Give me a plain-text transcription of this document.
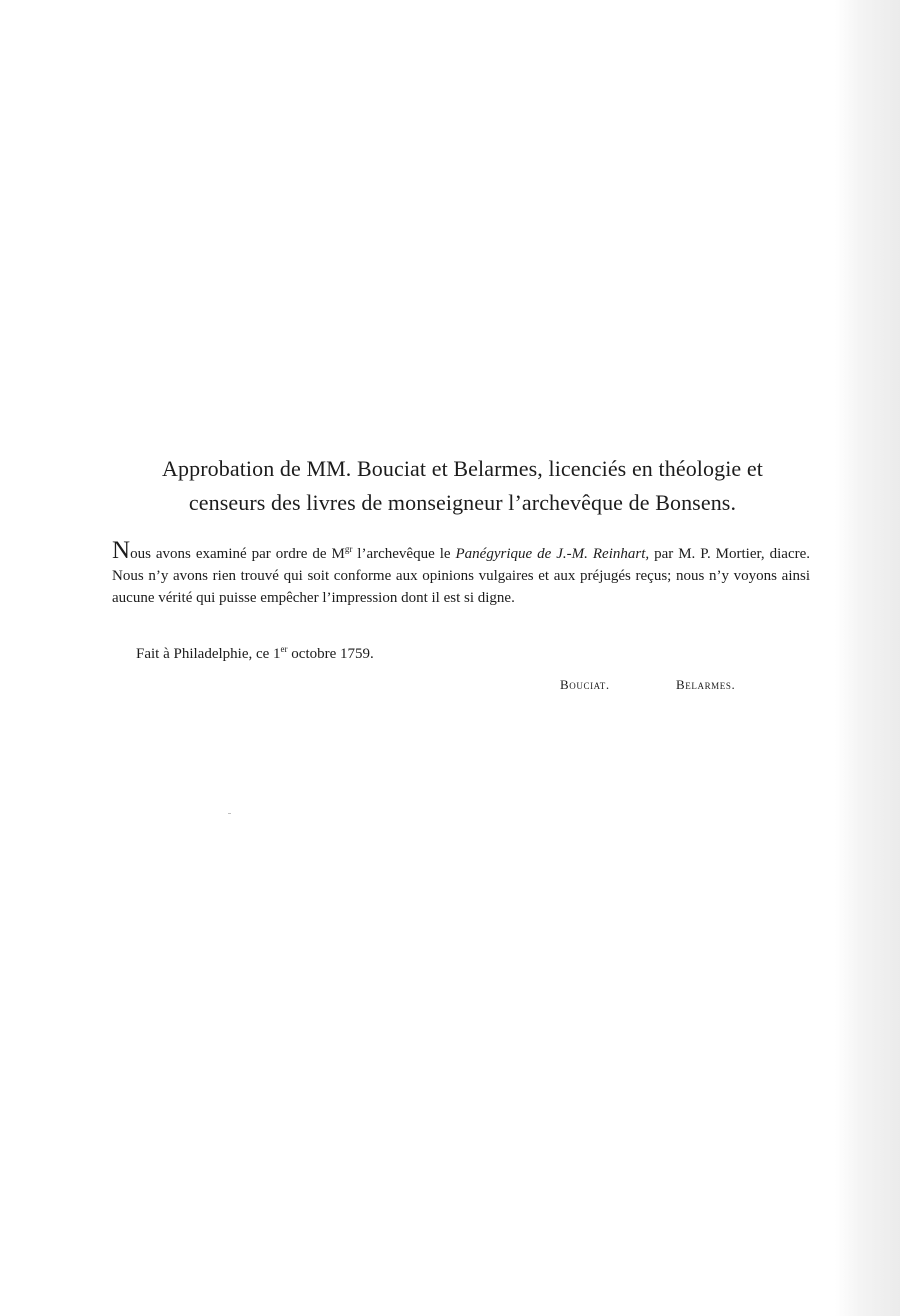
Approbation de MM. Bouciat et Belarmes, licenciés en théologie et
censeurs des livres de monseigneur l’archevêque de Bonsens.

Nous avons examiné par ordre de $M^{gr}$ l’archevêque le Panégyrique de J.-M. Reinhart, par M. P. Mortier, diacre. Nous n’y avons rien trouvé qui soit conforme aux opinions vulgaires et aux préjugés reçus; nous n’y voyons ainsi aucune vérité qui puisse empêcher l’impression dont il est si digne.

Fait à Philadelphie, ce 1er octobre 1759.

Bouciat.	Belarmes.
